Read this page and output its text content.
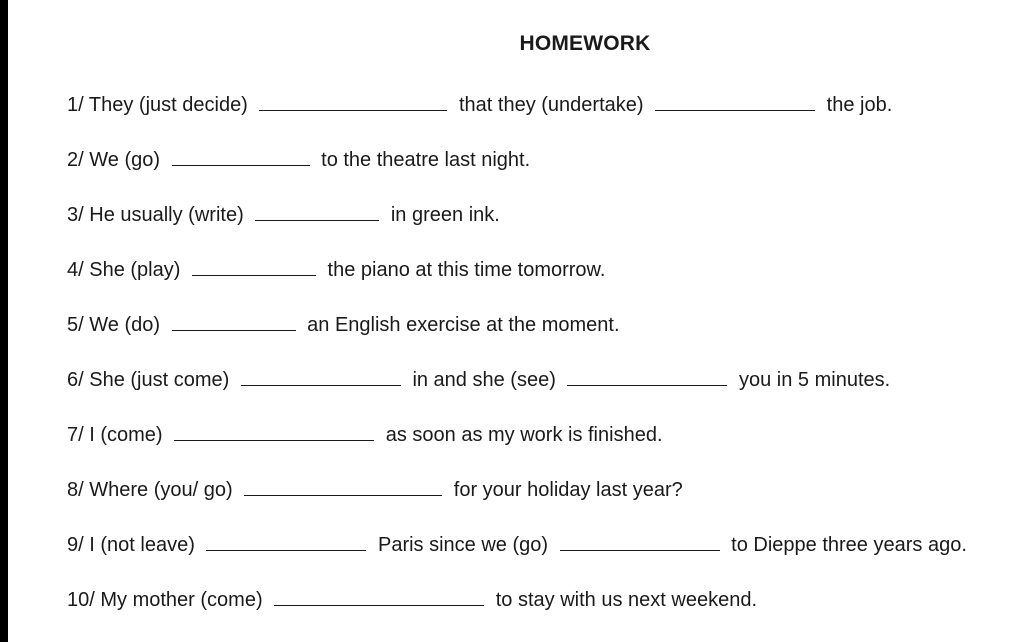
HOMEWORK
1/ They (just decide)	that they (undertake)	the job.
2/ We (go)	to the theatre last night.
3/ He usually (write)	in green ink.
4/ She (play)	the piano at this time tomorrow.
5/ We (do)	an English exercise at the moment.
6/ She (just come)	in and she (see)	you in 5 minutes.
7/ I (come)	as soon as my work is finished.
8/ Where (you/ go)	for your holiday last year?
9/ I (not leave)	Paris since we (go)	to Dieppe three years ago.
10/ My mother (come)	to stay with us next weekend.
